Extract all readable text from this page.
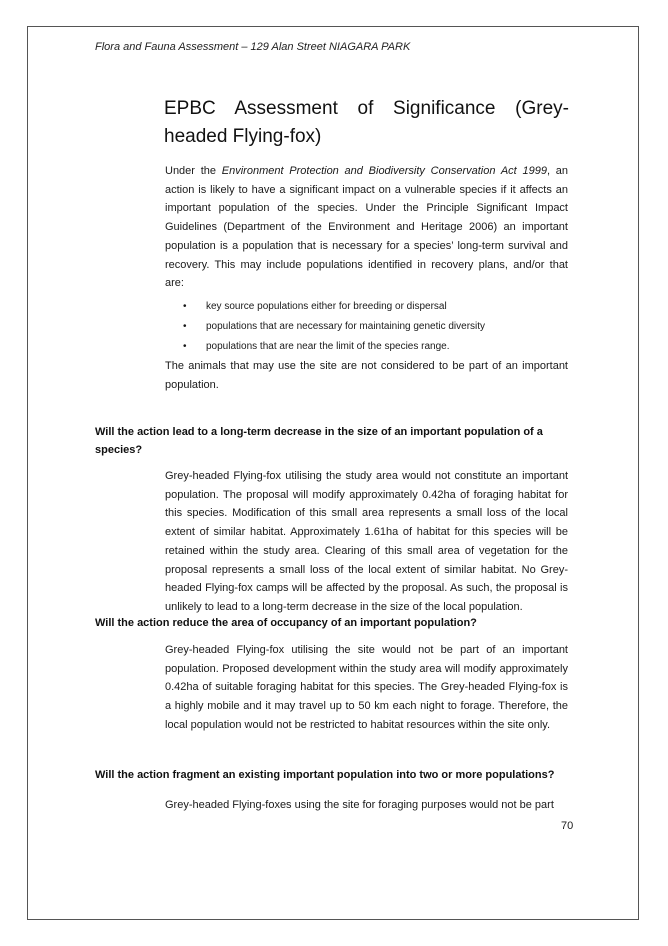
Flora and Fauna Assessment – 129 Alan Street NIAGARA PARK
EPBC Assessment of Significance (Grey- headed Flying-fox)

Under the Environment Protection and Biodiversity Conservation Act 1999, an action is likely to have a significant impact on a vulnerable species if it affects an important population of the species. Under the Principle Significant Impact Guidelines (Department of the Environment and Heritage 2006) an important population is a population that is necessary for a species’ long-term survival and recovery. This may include populations identified in recovery plans, and/or that are:

• key source populations either for breeding or dispersal
• populations that are necessary for maintaining genetic diversity
• populations that are near the limit of the species range.

The animals that may use the site are not considered to be part of an important population.

Will the action lead to a long-term decrease in the size of an important population of a species?

Grey-headed Flying-fox utilising the study area would not constitute an important population. The proposal will modify approximately 0.42ha of foraging habitat for this species. Modification of this small area represents a small loss of the local extent of similar habitat. Approximately 1.61ha of habitat for this species will be retained within the study area. Clearing of this small area of vegetation for the proposal represents a small loss of the local extent of similar habitat. No Grey-headed Flying-fox camps will be affected by the proposal. As such, the proposal is unlikely to lead to a long-term decrease in the size of the local population.

Will the action reduce the area of occupancy of an important population?

Grey-headed Flying-fox utilising the site would not be part of an important population. Proposed development within the study area will modify approximately 0.42ha of suitable foraging habitat for this species. The Grey-headed Flying-fox is a highly mobile and it may travel up to 50 km each night to forage. Therefore, the local population would not be restricted to habitat resources within the site only.

Will the action fragment an existing important population into two or more populations?

Grey-headed Flying-foxes using the site for foraging purposes would not be part

70
